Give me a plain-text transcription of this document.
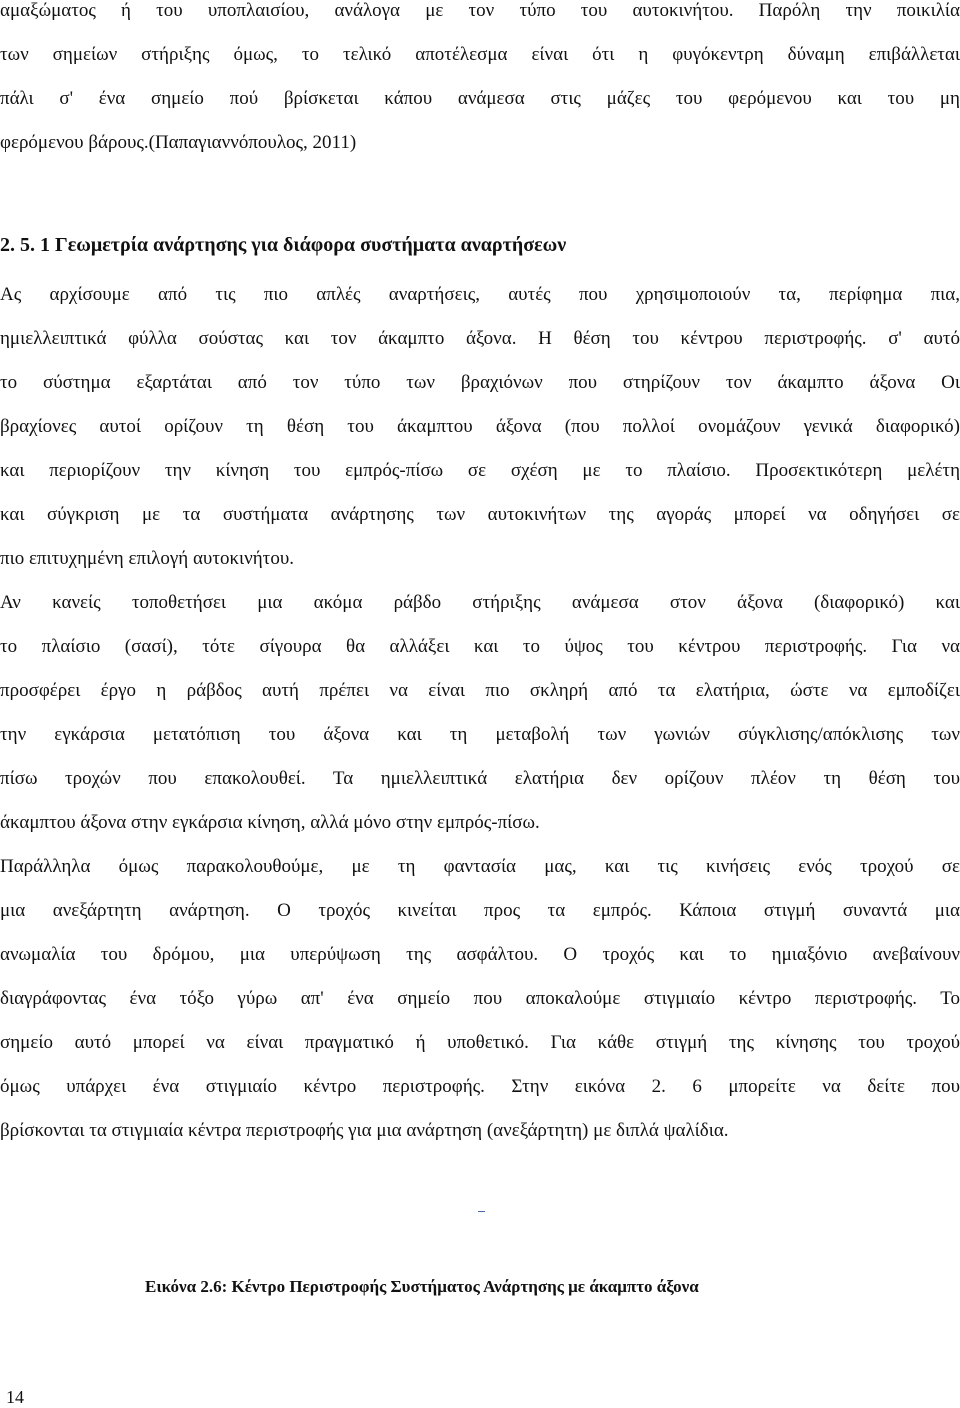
αμαξώματος ή του υποπλαισίου, ανάλογα με τον τύπο του αυτοκινήτου. Παρόλη την ποικιλία

των σημείων στήριξης όμως, το τελικό αποτέλεσμα είναι ότι η φυγόκεντρη δύναμη επιβάλλεται

πάλι σ' ένα σημείο πού βρίσκεται κάπου ανάμεσα στις μάζες του φερόμενου και του μη

φερόμενου βάρους.(Παπαγιαννόπουλος, 2011)

2. 5. 1 Γεωμετρία ανάρτησης για διάφορα συστήματα αναρτήσεων

Ας αρχίσουμε από τις πιο απλές αναρτήσεις, αυτές που χρησιμοποιούν τα, περίφημα πια,

ημιελλειπτικά φύλλα σούστας και τον άκαμπτο άξονα. Η θέση του κέντρου περιστροφής. σ' αυτό

το σύστημα εξαρτάται από τον τύπο των βραχιόνων που στηρίζουν τον άκαμπτο άξονα Οι

βραχίονες αυτοί ορίζουν τη θέση του άκαμπτου άξονα (που πολλοί ονομάζουν γενικά διαφορικό)

και περιορίζουν την κίνηση του εμπρός-πίσω σε σχέση με το πλαίσιο. Προσεκτικότερη μελέτη

και σύγκριση με τα συστήματα ανάρτησης των αυτοκινήτων της αγοράς μπορεί να οδηγήσει σε

πιο επιτυχημένη επιλογή αυτοκινήτου.

Αν κανείς τοποθετήσει μια ακόμα ράβδο στήριξης ανάμεσα στον άξονα (διαφορικό) και

το πλαίσιο (σασί), τότε σίγουρα θα αλλάξει και το ύψος του κέντρου περιστροφής. Για να

προσφέρει έργο η ράβδος αυτή πρέπει να είναι πιο σκληρή από τα ελατήρια, ώστε να εμποδίζει

την εγκάρσια μετατόπιση του άξονα και τη μεταβολή των γωνιών σύγκλισης/απόκλισης των

πίσω τροχών που επακολουθεί. Τα ημιελλειπτικά ελατήρια δεν ορίζουν πλέον τη θέση του

άκαμπτου άξονα στην εγκάρσια κίνηση, αλλά μόνο στην εμπρός-πίσω.

Παράλληλα όμως παρακολουθούμε, με τη φαντασία μας, και τις κινήσεις ενός τροχού σε

μια ανεξάρτητη ανάρτηση. Ο τροχός κινείται προς τα εμπρός. Κάποια στιγμή συναντά μια

ανωμαλία του δρόμου, μια υπερύψωση της ασφάλτου. Ο τροχός και το ημιαξόνιο ανεβαίνουν

διαγράφοντας ένα τόξο γύρω απ' ένα σημείο που αποκαλούμε στιγμιαίο κέντρο περιστροφής. Το

σημείο αυτό μπορεί να είναι πραγματικό ή υποθετικό. Για κάθε στιγμή της κίνησης του τροχού

όμως υπάρχει ένα στιγμιαίο κέντρο περιστροφής. Στην εικόνα 2. 6 μπορείτε να δείτε που

βρίσκονται τα στιγμιαία κέντρα περιστροφής για μια ανάρτηση (ανεξάρτητη) με διπλά ψαλίδια.

Εικόνα 2.6: Κέντρο Περιστροφής Συστήματος Ανάρτησης με άκαμπτο άξονα

14
